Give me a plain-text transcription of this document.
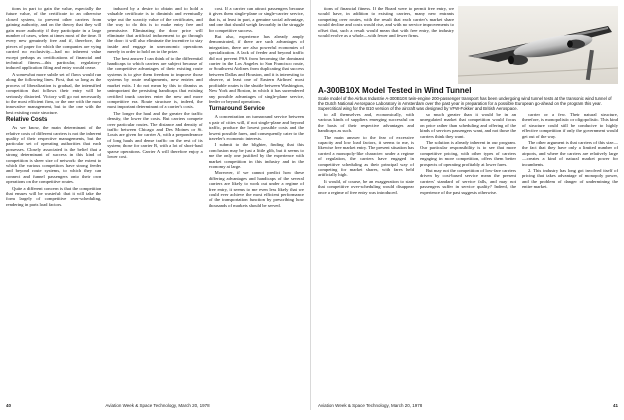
tions in part to gain the value, especially the future value, of the certificate to an otherwise closed system, to prevent other carriers from gaining authority, and on the theory that they will gain more authority if they participate in a large number of cases, when at times most of the time. If every new genuinely free and if, therefore, the pieces of paper for which the companies are vying carried no exclusivity—had no inherent value except perhaps as certifications of financial and technical fitness—this particular, regulatory-induced application filing and entry would cease.

A somewhat more subtle set of flaws would run along the following lines. First, that so long as the process of liberalization is gradual, the intensified competition that follows their entry will be seriously distorted. Victory will go not necessarily to the most efficient firm, or the one with the most innovative management, but to the one with the best existing route structure.

Relative Costs

As we know, the main determinant of the relative costs of different carriers is not the inherent quality of their respective managements, but the particular set of operating authorities that each possesses. Closely associated is the belief that a strong determinant of success in this kind of competition is sheer size of network: the extent to which the various competitors have strong feeder and beyond route systems, to which they can connect and funnel passengers onto their own operations on the competitive routes.

Quite a different concern is that the competition that ensues will be wasteful: that it will take the form largely of competitive over-scheduling, rendering in parts load factors.

induced by a desire to obtain and to hold a valuable certificate is to diminish and eventually wipe out the scarcity value of the certificates, and the way to do this is to make entry free and permissive. Eliminating the door price will eliminate that artificial inducement to go through the door: it will also eliminate the incentive to stay inside and engage in uneconomic operations merely in order to hold on to the prize.

The best answer I can think of to the differential handicaps to which carriers are subject because of the competitive advantages of their existing route systems is to give them freedom to improve those systems by route realignments, new entries and market exits. I do not mean by this to dismiss as unimportant the persisting handicaps that existing certified trunk carriers enter the new and more competitive era. Route structure is, indeed, the most important determinant of a carrier's costs.

The longer the haul and the greater the traffic density, the lower the costs. But carriers compete over particular routes. The distance and density of traffic between Chicago and Des Moines or St. Louis are given for carrier A, with a preponderance of long hauls and dense traffic on the rest of its system; those for carrier B, with a lot of short-haul sparse operations. Carrier A will therefore enjoy a lower cost.

cost. If a carrier can attract passengers because it gives them single-plane or single-carrier service, that is, at least in part, a genuine social advantage, and one that should weigh favorably in the struggle for competitive success.

But also, experience has already amply demonstrated, if there are such advantages of integration, there are also powerful economies of specialization. A lack of feeder and beyond traffic did not prevent PSA from becoming the dominant carrier in the Los Angeles to San Francisco route, or Southwest Airlines from duplicating that success between Dallas and Houston, and it is interesting to observe, at least one of Eastern Airlines' most profitable routes is the shuttle between Washington, New York and Boston, in which it has surrendered any possible advantages of single-plane service, feeder or beyond operations.

Turnaround Service

A concentration on turnaround service between a pair of cities will, if not single-plane and beyond traffic, produce the lowest possible costs and the lowest possible fares, and consequently cater to the traveler's economic interests.

I submit to the blighter, finding that this conclusion may be just a little glib, but it seems to me the only one justified by the experience with market competition in this industry and in the economy at large.

Moreover, if we cannot predict how these differing advantages and handicaps of the several carriers are likely to work out under a regime of free entry, it seems to me even less likely that we could ever achieve the most efficient performance of the transportation function by prescribing how thousands of markets should be served.

40	Aviation Week & Space Technology, March 20, 1978

tions of financial fitness. If the Board were to permit free entry, we would have, in addition to existing carriers, many new entrants competing over routes, with the result that each carrier's market share would decline and costs would rise, and with no service improvements to offset that, such a result would mean that with free entry, the industry would evolve as a whole—with fewer and fewer firms.

A-300B10X Model Tested in Wind Tunnel
Scale model of the Airbus Industrie A-300B10X twin-engine 200-passenger transport has been undergoing wind tunnel tests at the transonic wind tunnel of the Dutch National Aerospace Laboratory in Amsterdam over the past year in preparation for a possible European go-ahead on the program this year. Supercritical wing for the B10 version of the aircraft was designed by VFW-Fokker and British Aerospace.

to all themselves and, economically, with various kinds of suppliers emerging successful on the basis of their respective advantages and handicaps as such.

The main answer to the fear of excessive capacity and low load factors, it seems to me, is likewise free market entry. The present situation has carried a monopoly-like character: under a regime of regulation, the carriers have engaged in competitive scheduling as their principal way of competing for market shares, with fares held artificially high.

It would, of course, be an exaggeration to state that competitive over-scheduling would disappear once a regime of free entry was introduced.

so much greater than it would be in an unregulated market that competition would focus on price rather than scheduling and offering of the kinds of services passengers want, and not those the carriers think they want.

The solution is already inherent in our program. Our particular responsibility is to see that more competitive pricing, with other types of carriers engaging in more competition, offers them better prospects of operating profitably at lower fares.

But may not the competition of low-fare carriers driven by cost-based service mean the present carriers' standard of service falls, and may not passengers suffer in service quality? Indeed, the experience of the past suggests otherwise.

carrier or a few. Their natural structure, therefore, is monopolistic or oligopolistic. This kind of structure could still be conducive to highly effective competition if only the government would get out of the way.

The other argument is that carriers of this size—the fact that they have only a limited number of airports, and where the carriers are relatively large—creates a kind of natural market power for incumbents.

2. This industry has long got involved itself of pricing that takes advantage of monopoly power, and the problem of danger of undermining the entire market.

Aviation Week & Space Technology, March 20, 1978	41
